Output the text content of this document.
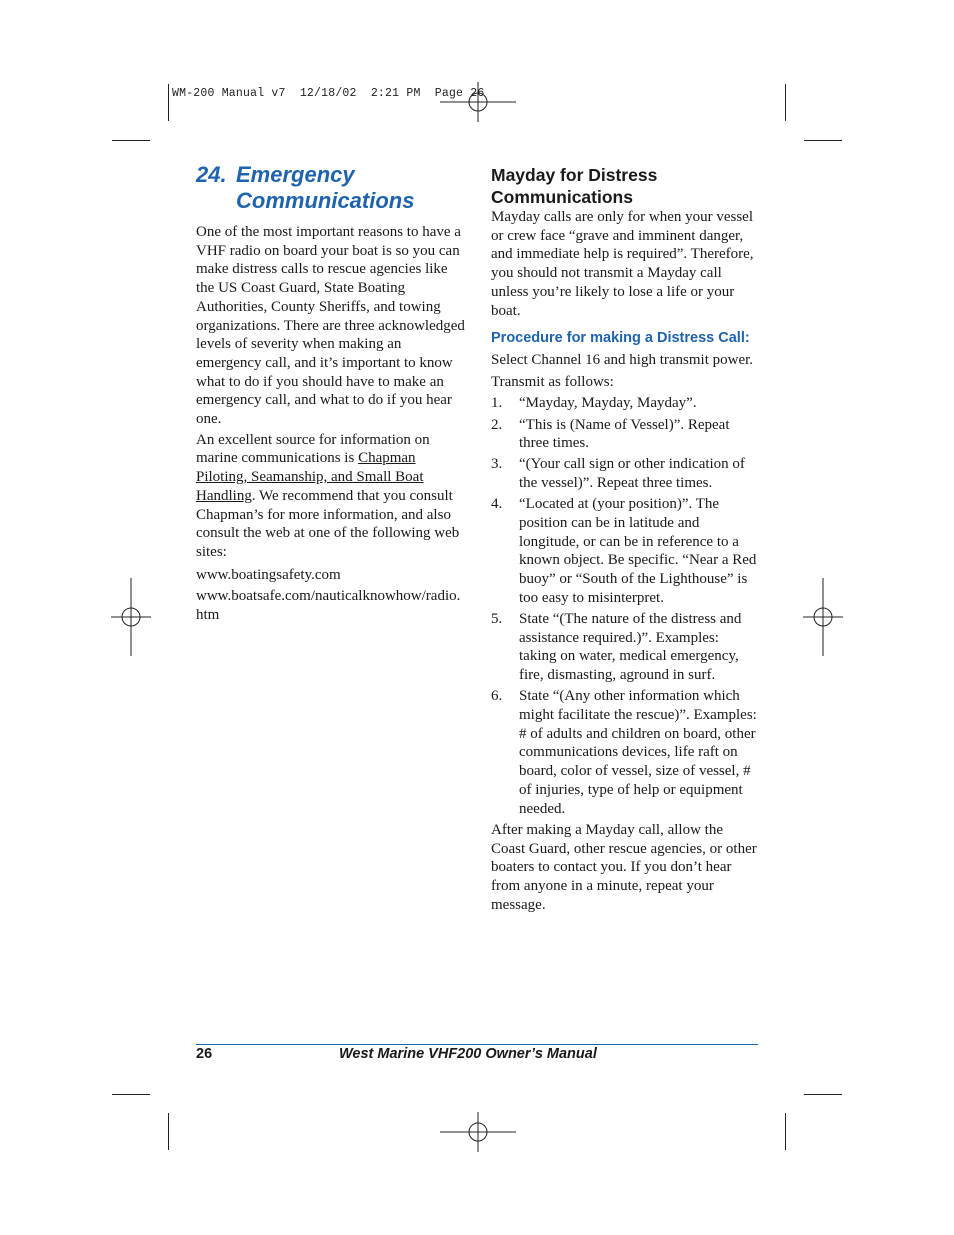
WM-200 Manual v7  12/18/02  2:21 PM  Page 26
24. Emergency
Communications

One of the most important reasons to have a VHF radio on board your boat is so you can make distress calls to rescue agencies like the US Coast Guard, State Boating Authorities, County Sheriffs, and towing organizations. There are three acknowledged levels of severity when making an emergency call, and it’s important to know what to do if you should have to make an emergency call, and what to do if you hear one.

An excellent source for information on marine communications is Chapman Piloting, Seamanship, and Small Boat Handling. We recommend that you consult Chapman’s for more information, and also consult the web at one of the following web sites:

www.boatingsafety.com

www.boatsafe.com/nauticalknowhow/radio.htm

Mayday for Distress Communications

Mayday calls are only for when your vessel or crew face “grave and imminent danger, and immediate help is required”. Therefore, you should not transmit a Mayday call unless you’re likely to lose a life or your boat.

Procedure for making a Distress Call:

Select Channel 16 and high transmit power.

Transmit as follows:

1.	“Mayday, Mayday, Mayday”.
2.	“This is (Name of Vessel)”. Repeat three times.
3.	“(Your call sign or other indication of the vessel)”. Repeat three times.
4.	“Located at (your position)”. The position can be in latitude and longitude, or can be in reference to a known object. Be specific. “Near a Red buoy” or “South of the Lighthouse” is too easy to misinterpret.
5.	State “(The nature of the distress and assistance required.)”. Examples: taking on water, medical emergency, fire, dismasting, aground in surf.
6.	State “(Any other information which might facilitate the rescue)”. Examples: # of adults and children on board, other communications devices, life raft on board, color of vessel, size of vessel, # of injuries, type of help or equipment needed.

After making a Mayday call, allow the Coast Guard, other rescue agencies, or other boaters to contact you. If you don’t hear from anyone in a minute, repeat your message.

26	West Marine VHF200 Owner’s Manual
